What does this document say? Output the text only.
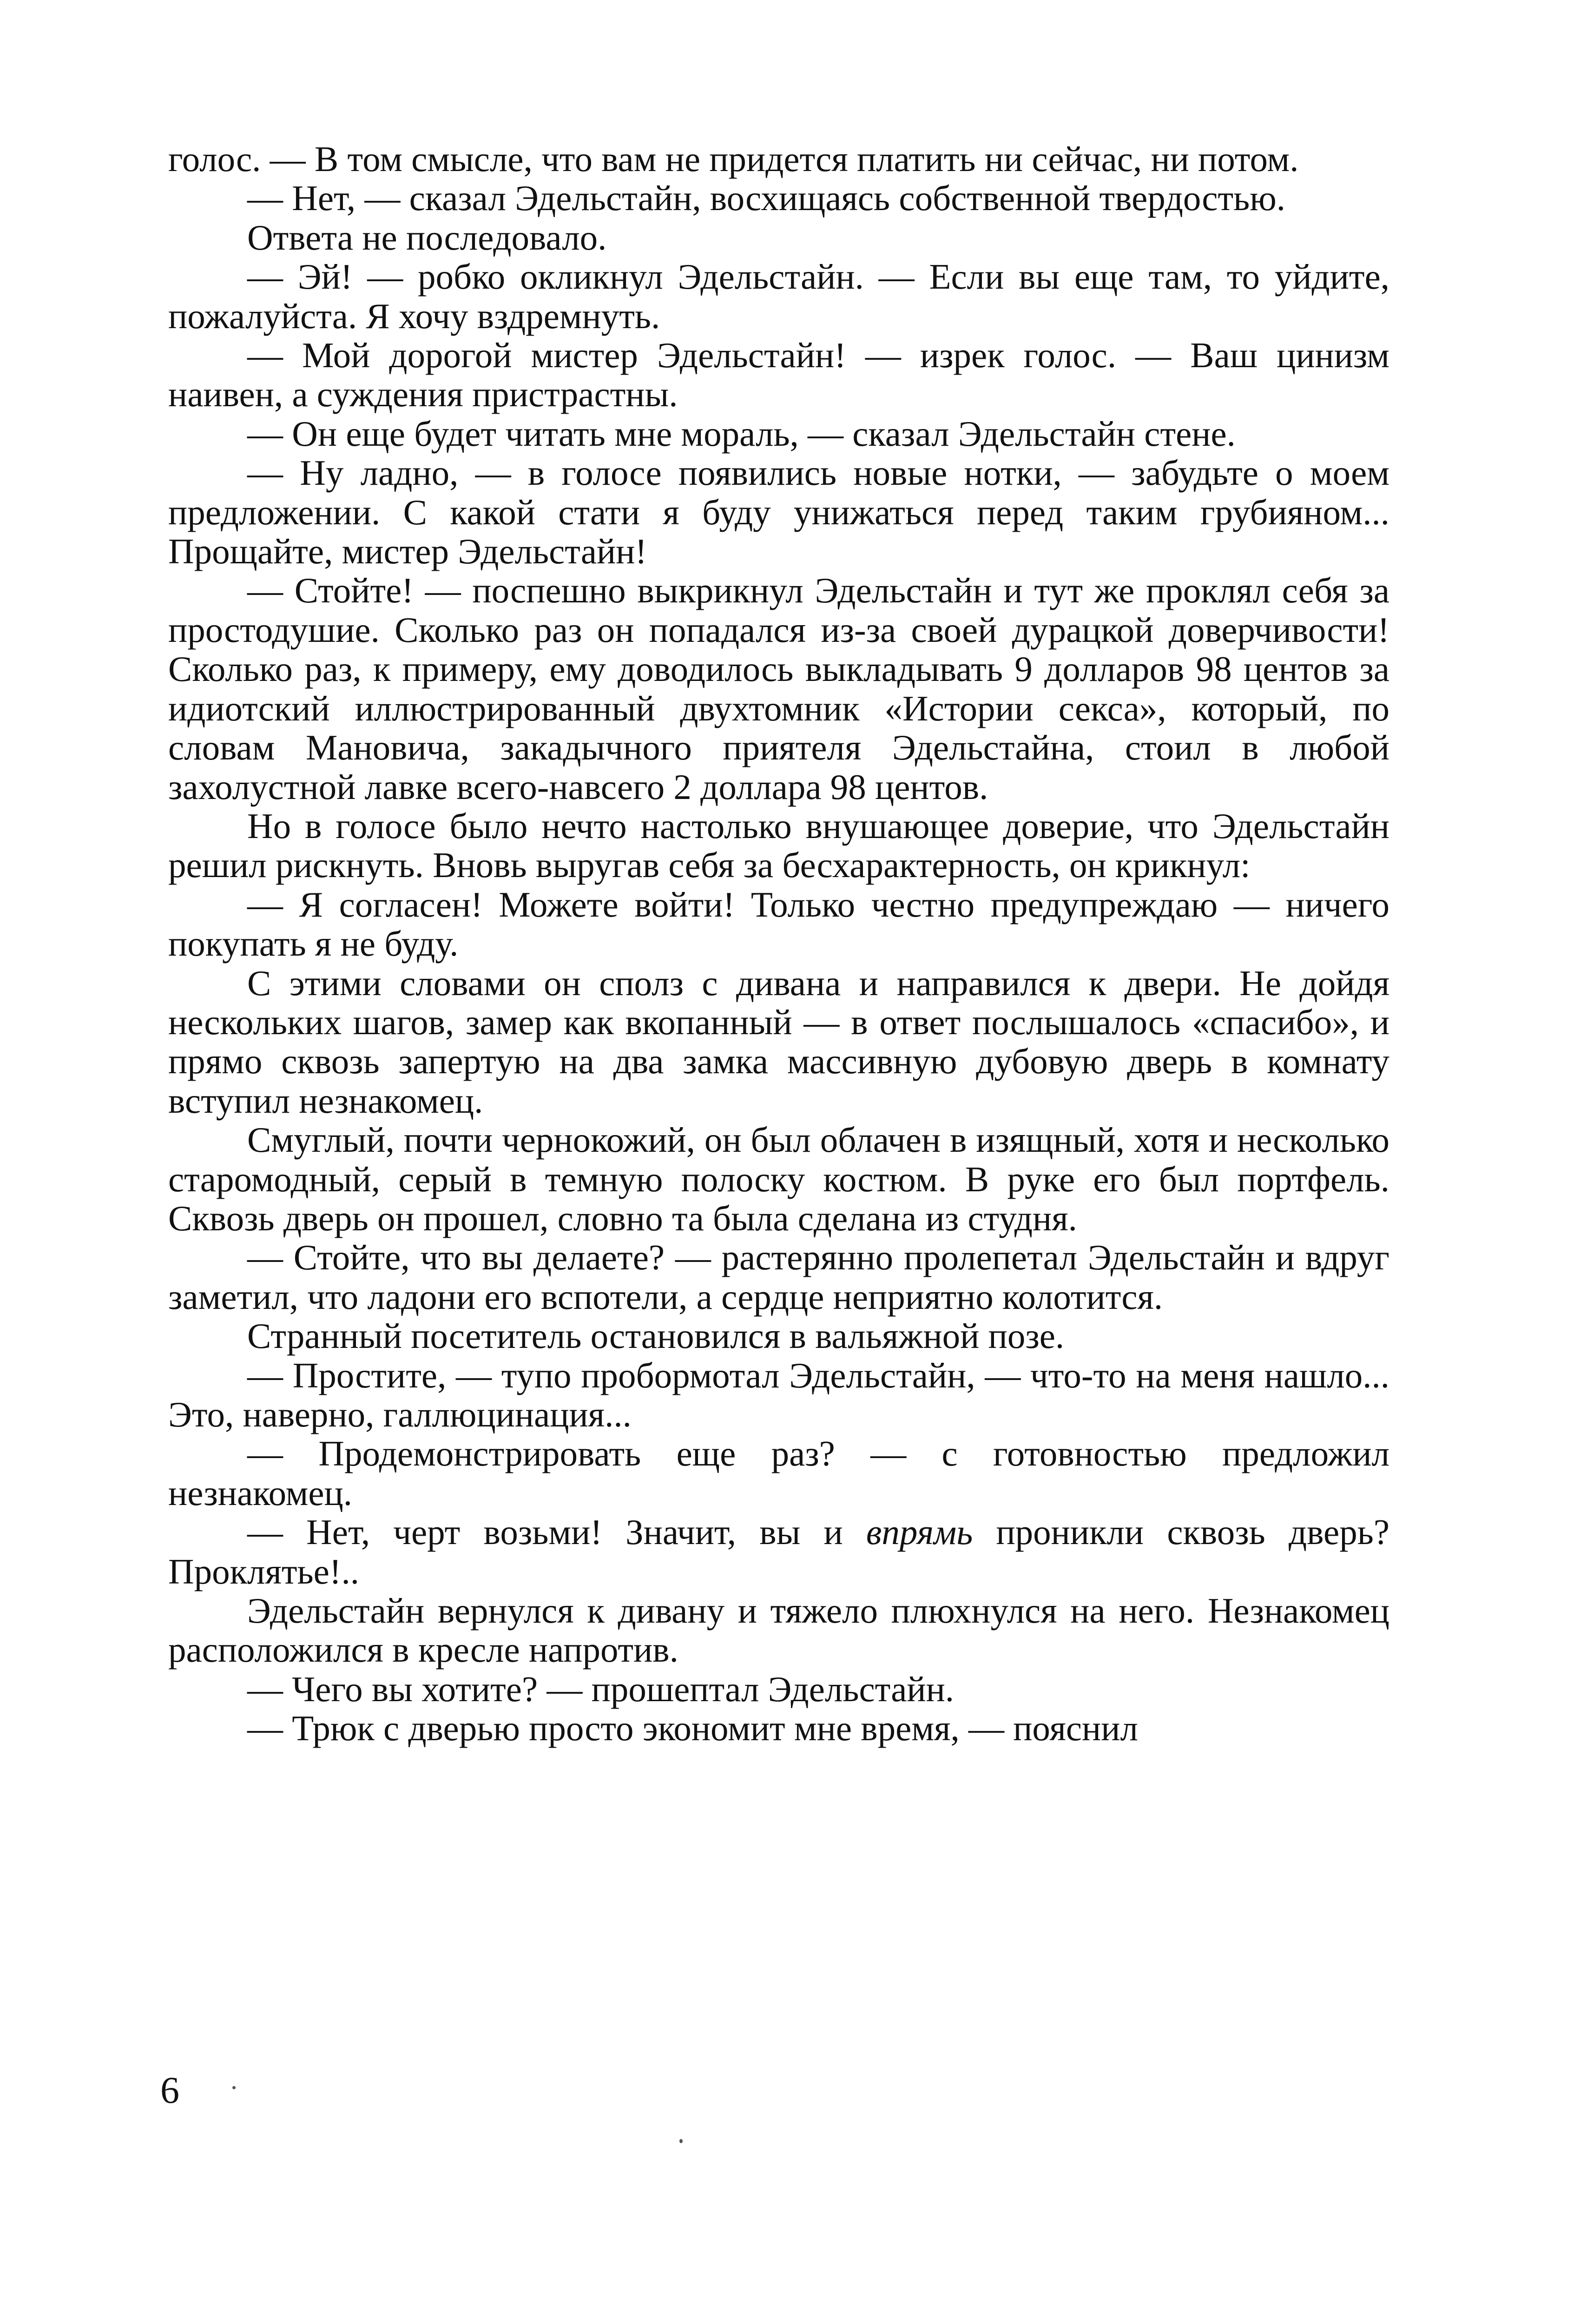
голос. — В том смысле, что вам не придется платить ни сейчас, ни потом.

— Нет, — сказал Эдельстайн, восхищаясь собственной твердостью.

Ответа не последовало.

— Эй! — робко окликнул Эдельстайн. — Если вы еще там, то уйдите, пожалуйста. Я хочу вздремнуть.

— Мой дорогой мистер Эдельстайн! — изрек голос. — Ваш цинизм наивен, а суждения пристрастны.

— Он еще будет читать мне мораль, — сказал Эдельстайн стене.

— Ну ладно, — в голосе появились новые нотки, — забудьте о моем предложении. С какой стати я буду унижаться перед таким грубияном... Прощайте, мистер Эдельстайн!

— Стойте! — поспешно выкрикнул Эдельстайн и тут же проклял себя за простодушие. Сколько раз он попадался из-за своей дурацкой доверчивости! Сколько раз, к примеру, ему доводилось выкладывать 9 долларов 98 центов за идиотский иллюстрированный двухтомник «Истории секса», который, по словам Мановича, закадычного приятеля Эдельстайна, стоил в любой захолустной лавке всего-навсего 2 доллара 98 центов.

Но в голосе было нечто настолько внушающее доверие, что Эдельстайн решил рискнуть. Вновь выругав себя за бесхарактерность, он крикнул:

— Я согласен! Можете войти! Только честно предупреждаю — ничего покупать я не буду.

С этими словами он сполз с дивана и направился к двери. Не дойдя нескольких шагов, замер как вкопанный — в ответ послышалось «спасибо», и прямо сквозь запертую на два замка массивную дубовую дверь в комнату вступил незнакомец.

Смуглый, почти чернокожий, он был облачен в изящный, хотя и несколько старомодный, серый в темную полоску костюм. В руке его был портфель. Сквозь дверь он прошел, словно та была сделана из студня.

— Стойте, что вы делаете? — растерянно пролепетал Эдельстайн и вдруг заметил, что ладони его вспотели, а сердце неприятно колотится.

Странный посетитель остановился в вальяжной позе.

— Простите, — тупо пробормотал Эдельстайн, — что-то на меня нашло... Это, наверно, галлюцинация...

— Продемонстрировать еще раз? — с готовностью предложил незнакомец.

— Нет, черт возьми! Значит, вы и впрямь проникли сквозь дверь? Проклятье!..

Эдельстайн вернулся к дивану и тяжело плюхнулся на него. Незнакомец расположился в кресле напротив.

— Чего вы хотите? — прошептал Эдельстайн.

— Трюк с дверью просто экономит мне время, — пояснил

6
